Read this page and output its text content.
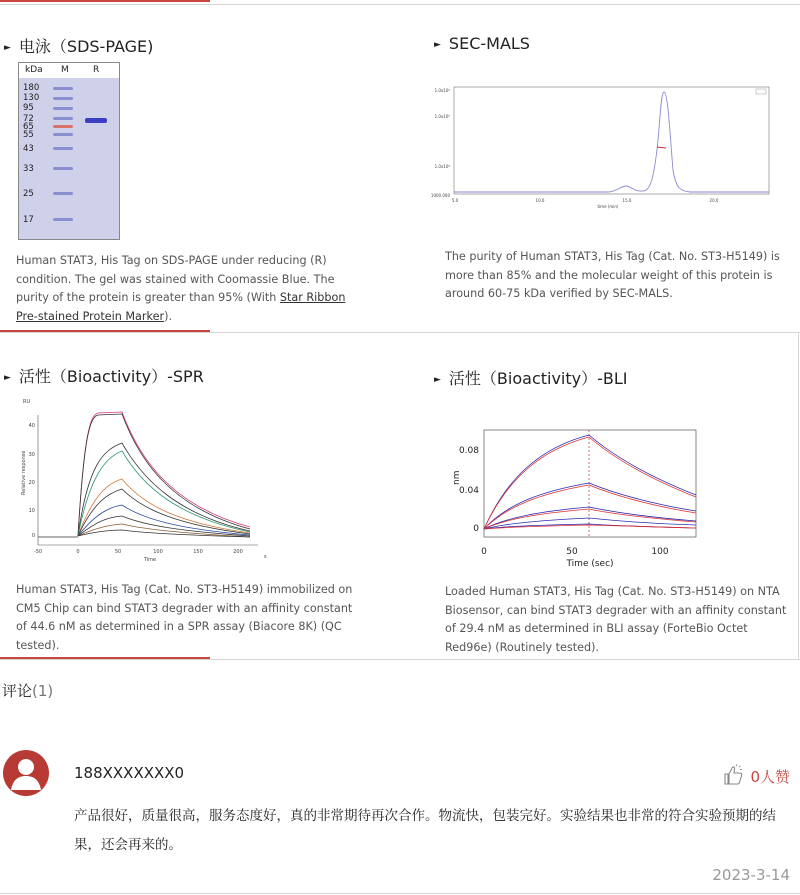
► 电泳（SDS-PAGE)
kDa M	R
180
130
95
72
65
55
43
33
25
17
Human STAT3, His Tag on SDS-PAGE under reducing (R) condition. The gel was stained with Coomassie Blue. The purity of the protein is greater than 95% (With Star Ribbon Pre-stained Protein Marker).
► SEC-MALS
1.0x10⁶
1.0x10⁵
1.0x10⁴
1000.000
5.0	10.0	15.0	20.0
time (min)
The purity of Human STAT3, His Tag (Cat. No. ST3-H5149) is more than 85% and the molecular weight of this protein is around 60-75 kDa verified by SEC-MALS.
► 活性（Bioactivity）-SPR
RU
Relative response
40
30
20
10
0
-50	0	50	100	150	200
Time	s
Human STAT3, His Tag (Cat. No. ST3-H5149) immobilized on CM5 Chip can bind STAT3 degrader with an affinity constant of 44.6 nM as determined in a SPR assay (Biacore 8K) (QC tested).
► 活性（Bioactivity）-BLI
nm
0.08
0.04
0
0	50	100
Time (sec)
Loaded Human STAT3, His Tag (Cat. No. ST3-H5149) on NTA Biosensor, can bind STAT3 degrader with an affinity constant of 29.4 nM as determined in BLI assay (ForteBio Octet Red96e) (Routinely tested).
评论(1)
188XXXXXXX0	0人赞
产品很好，质量很高，服务态度好，真的非常期待再次合作。物流快，包装完好。实验结果也非常的符合实验预期的结果，还会再来的。
2023-3-14
